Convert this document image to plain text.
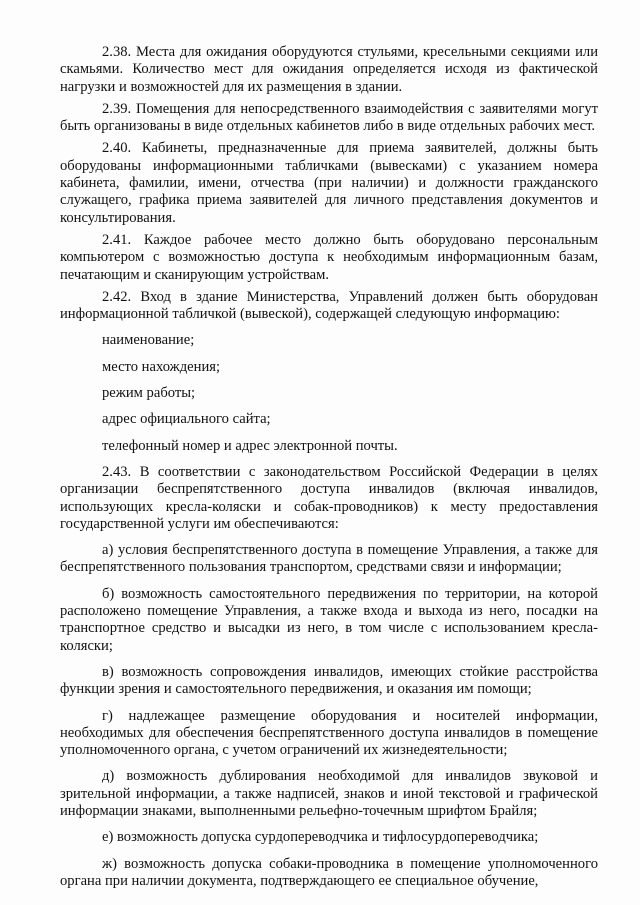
2.38. Места для ожидания оборудуются стульями, кресельными секциями или скамьями. Количество мест для ожидания определяется исходя из фактической нагрузки и возможностей для их размещения в здании.

2.39. Помещения для непосредственного взаимодействия с заявителями могут быть организованы в виде отдельных кабинетов либо в виде отдельных рабочих мест.

2.40. Кабинеты, предназначенные для приема заявителей, должны быть оборудованы информационными табличками (вывесками) с указанием номера кабинета, фамилии, имени, отчества (при наличии) и должности гражданского служащего, графика приема заявителей для личного представления документов и консультирования.

2.41. Каждое рабочее место должно быть оборудовано персональным компьютером с возможностью доступа к необходимым информационным базам, печатающим и сканирующим устройствам.

2.42. Вход в здание Министерства, Управлений должен быть оборудован информационной табличкой (вывеской), содержащей следующую информацию:

наименование;

место нахождения;

режим работы;

адрес официального сайта;

телефонный номер и адрес электронной почты.

2.43. В соответствии с законодательством Российской Федерации в целях организации беспрепятственного доступа инвалидов (включая инвалидов, использующих кресла-коляски и собак-проводников) к месту предоставления государственной услуги им обеспечиваются:

а) условия беспрепятственного доступа в помещение Управления, а также для беспрепятственного пользования транспортом, средствами связи и информации;

б) возможность самостоятельного передвижения по территории, на которой расположено помещение Управления, а также входа и выхода из него, посадки на транспортное средство и высадки из него, в том числе с использованием кресла-коляски;

в) возможность сопровождения инвалидов, имеющих стойкие расстройства функции зрения и самостоятельного передвижения, и оказания им помощи;

г) надлежащее размещение оборудования и носителей информации, необходимых для обеспечения беспрепятственного доступа инвалидов в помещение уполномоченного органа, с учетом ограничений их жизнедеятельности;

д) возможность дублирования необходимой для инвалидов звуковой и зрительной информации, а также надписей, знаков и иной текстовой и графической информации знаками, выполненными рельефно-точечным шрифтом Брайля;

е) возможность допуска сурдопереводчика и тифлосурдопереводчика;

ж) возможность допуска собаки-проводника в помещение уполномоченного органа при наличии документа, подтверждающего ее специальное обучение,
